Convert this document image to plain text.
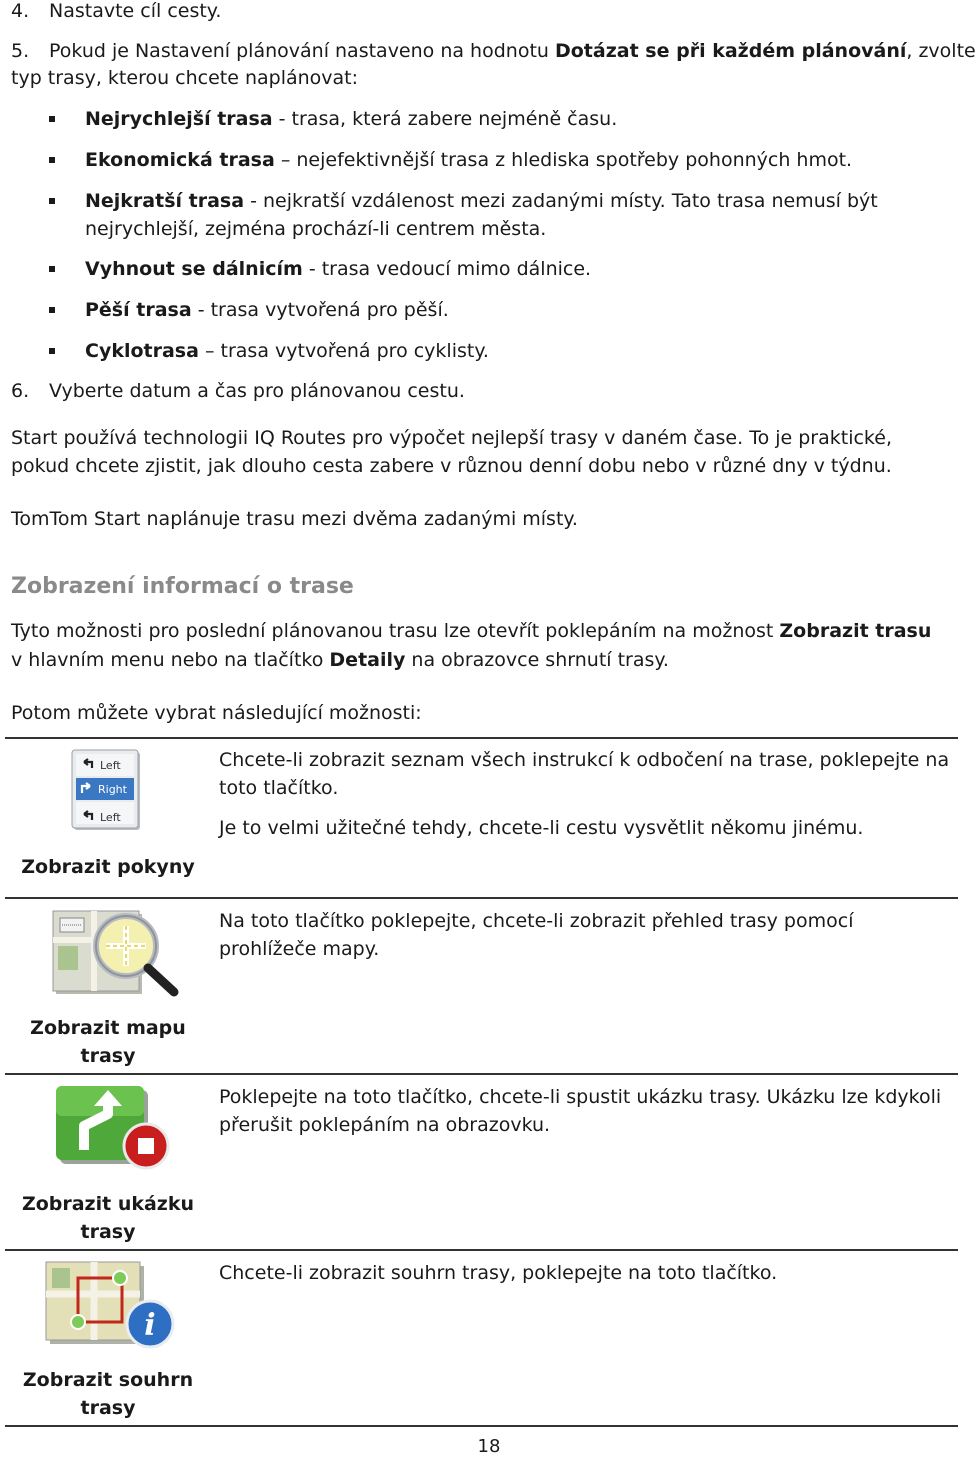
4. Nastavte cíl cesty.
5. Pokud je Nastavení plánování nastaveno na hodnotu Dotázat se při každém plánování, zvolte
typ trasy, kterou chcete naplánovat:
Nejrychlejší trasa - trasa, která zabere nejméně času.
Ekonomická trasa – nejefektivnější trasa z hlediska spotřeby pohonných hmot.
Nejkratší trasa - nejkratší vzdálenost mezi zadanými místy. Tato trasa nemusí být
nejrychlejší, zejména prochází-li centrem města.
Vyhnout se dálnicím - trasa vedoucí mimo dálnice.
Pěší trasa - trasa vytvořená pro pěší.
Cyklotrasa – trasa vytvořená pro cyklisty.
6. Vyberte datum a čas pro plánovanou cestu.
Start používá technologii IQ Routes pro výpočet nejlepší trasy v daném čase. To je praktické,
pokud chcete zjistit, jak dlouho cesta zabere v různou denní dobu nebo v různé dny v týdnu.
TomTom Start naplánuje trasu mezi dvěma zadanými místy.
Zobrazení informací o trase
Tyto možnosti pro poslední plánovanou trasu lze otevřít poklepáním na možnost Zobrazit trasu
v hlavním menu nebo na tlačítko Detaily na obrazovce shrnutí trasy.
Potom můžete vybrat následující možnosti:
Left
Right
Left
Zobrazit pokyny
Chcete-li zobrazit seznam všech instrukcí k odbočení na trase, poklepejte na
toto tlačítko.
Je to velmi užitečné tehdy, chcete-li cestu vysvětlit někomu jinému.
Zobrazit mapu
trasy
Na toto tlačítko poklepejte, chcete-li zobrazit přehled trasy pomocí
prohlížeče mapy.
Zobrazit ukázku
trasy
Poklepejte na toto tlačítko, chcete-li spustit ukázku trasy. Ukázku lze kdykoli
přerušit poklepáním na obrazovku.
i
Zobrazit souhrn
trasy
Chcete-li zobrazit souhrn trasy, poklepejte na toto tlačítko.
18
